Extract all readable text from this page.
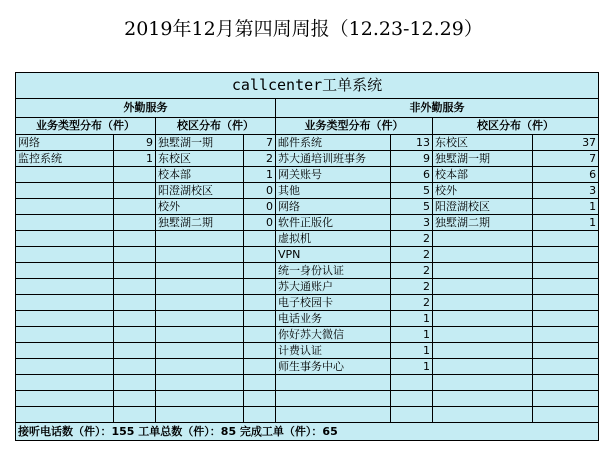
2019年12月第四周周报（12.23-12.29）
callcenter工单系统							
外勤服务				非外勤服务			
业务类型分布（件）		校区分布（件）		业务类型分布（件）		校区分布（件）	
网络	9	独墅湖一期	7	邮件系统	13	东校区	37
监控系统	1	东校区	2	苏大通培训班事务	9	独墅湖一期	7
		校本部	1	网关账号	6	校本部	6
		阳澄湖校区	0	其他	5	校外	3
		校外	0	网络	5	阳澄湖校区	1
		独墅湖二期	0	软件正版化	3	独墅湖二期	1
				虚拟机	2		
				VPN	2		
				统一身份认证	2		
				苏大通账户	2		
				电子校园卡	2		
				电话业务	1		
				你好苏大微信	1		
				计费认证	1		
				师生事务中心	1		

接听电话数（件）：155 工单总数（件）：85 完成工单（件）：65							
